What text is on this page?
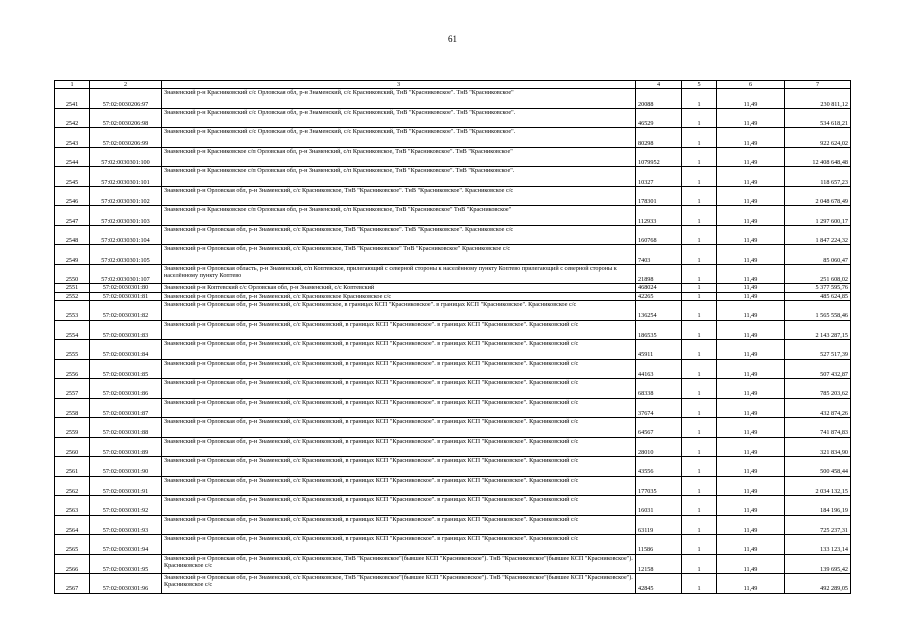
61
1	2	3	4	5	6	7
2541	57:02:0030206:97	Знаменский р-н Красниковский с/с Орловская обл, р-н Знаменский, с/с Красниковский, ТнВ "Красниковское". ТнВ "Красниковское"	20088	1	11,49	230 811,12
2542	57:02:0030206:98	Знаменский р-н Красниковский с/с Орловская обл, р-н Знаменский, с/с Красниковский, ТнВ "Красниковское". ТнВ "Красниковское".	46529	1	11,49	534 618,21
2543	57:02:0030206:99	Знаменский р-н Красниковский с/с Орловская обл, р-н Знаменский, с/с Красниковский, ТнВ "Красниковское". ТнВ "Красниковское".	80298	1	11,49	922 624,02
2544	57:02:0030301:100	Знаменский р-н Красниковское с/п Орловская обл, р-н Знаменский, с/п Красниковское, ТнВ "Красниковское". ТнВ "Красниковское"	1079952	1	11,49	12 408 648,48
2545	57:02:0030301:101	Знаменский р-н Красниковское с/п Орловская обл, р-н Знаменский, с/п Красниковское, ТнВ "Красниковское". ТнВ "Красниковское".	10327	1	11,49	118 657,23
2546	57:02:0030301:102	Знаменский р-н Орловская обл, р-н Знаменский, с/с Красниковское, ТнВ "Красниковское". ТнВ "Красниковское". Красниковское с/с	178301	1	11,49	2 048 678,49
2547	57:02:0030301:103	Знаменский р-н Красниковское с/п Орловская обл, р-н Знаменский, с/п Красниковское, ТнВ "Красниковское" ТнВ "Красниковское"	112933	1	11,49	1 297 600,17
2548	57:02:0030301:104	Знаменский р-н Орловская обл, р-н Знаменский, с/с Красниковское, ТнВ "Красниковское". ТнВ "Красниковское". Красниковское с/с	160768	1	11,49	1 847 224,32
2549	57:02:0030301:105	Знаменский р-н Орловская обл, р-н Знаменский, с/с Красниковское, ТнВ "Красниковское" ТнВ "Красниковское" Красниковское с/с	7403	1	11,49	85 060,47
2550	57:02:0030301:107	Знаменский р-н Орловская область, р-н Знаменский, с/п Коптевское, прилегающий с северной стороны к населённому пункту Коптево прилегающий с северной стороны к населённому пункту Коптево	21898	1	11,49	251 608,02
2551	57:02:0030301:80	Знаменский р-н Коптевский с/с Орловская обл, р-н Знаменский, с/с Коптевский	468024	1	11,49	5 377 595,76
2552	57:02:0030301:81	Знаменский р-н Орловская обл, р-н Знаменский, с/с Красниковское Красниковское с/с	42265	1	11,49	485 624,85
2553	57:02:0030301:82	Знаменский р-н Орловская обл, р-н Знаменский, с/с Красниковское, в границах КСП "Красниковское". в границах КСП "Красниковское". Красниковское с/с	136254	1	11,49	1 565 558,46
2554	57:02:0030301:83	Знаменский р-н Орловская обл, р-н Знаменский, с/с Красниковский, в границах КСП "Красниковское". в границах КСП "Красниковское". Красниковский с/с	186535	1	11,49	2 143 287,15
2555	57:02:0030301:84	Знаменский р-н Орловская обл, р-н Знаменский, с/с Красниковский, в границах КСП "Красниковское". в границах КСП "Красниковское". Красниковский с/с	45911	1	11,49	527 517,39
2556	57:02:0030301:85	Знаменский р-н Орловская обл, р-н Знаменский, с/с Красниковский, в границах КСП "Красниковское". в границах КСП "Красниковское". Красниковский с/с	44163	1	11,49	507 432,87
2557	57:02:0030301:86	Знаменский р-н Орловская обл, р-н Знаменский, с/с Красниковский, в границах КСП "Красниковское". в границах КСП "Красниковское". Красниковский с/с	68338	1	11,49	785 203,62
2558	57:02:0030301:87	Знаменский р-н Орловская обл, р-н Знаменский, с/с Красниковский, в границах КСП "Красниковское". в границах КСП "Красниковское". Красниковский с/с	37674	1	11,49	432 874,26
2559	57:02:0030301:88	Знаменский р-н Орловская обл, р-н Знаменский, с/с Красниковский, в границах КСП "Красниковское". в границах КСП "Красниковское". Красниковский с/с	64567	1	11,49	741 874,83
2560	57:02:0030301:89	Знаменский р-н Орловская обл, р-н Знаменский, с/с Красниковский, в границах КСП "Красниковское". в границах КСП "Красниковское". Красниковский с/с	28010	1	11,49	321 834,90
2561	57:02:0030301:90	Знаменский р-н Орловская обл, р-н Знаменский, с/с Красниковский, в границах КСП "Красниковское". в границах КСП "Красниковское". Красниковский с/с	43556	1	11,49	500 458,44
2562	57:02:0030301:91	Знаменский р-н Орловская обл, р-н Знаменский, с/с Красниковский, в границах КСП "Красниковское". в границах КСП "Красниковское". Красниковский с/с	177035	1	11,49	2 034 132,15
2563	57:02:0030301:92	Знаменский р-н Орловская обл, р-н Знаменский, с/с Красниковский, в границах КСП "Красниковское". в границах КСП "Красниковское". Красниковский с/с	16031	1	11,49	184 196,19
2564	57:02:0030301:93	Знаменский р-н Орловская обл, р-н Знаменский, с/с Красниковский, в границах КСП "Красниковское". в границах КСП "Красниковское". Красниковский с/с	63119	1	11,49	725 237,31
2565	57:02:0030301:94	Знаменский р-н Орловская обл, р-н Знаменский, с/с Красниковский, в границах КСП "Красниковское". в границах КСП "Красниковское". Красниковский с/с	11586	1	11,49	133 123,14
2566	57:02:0030301:95	Знаменский р-н Орловская обл, р-н Знаменский, с/с Красниковское, ТнВ "Красниковское"(бывшее КСП "Красниковское"). ТнВ "Красниковское"(бывшее КСП "Красниковское"). Красниковское с/с	12158	1	11,49	139 695,42
2567	57:02:0030301:96	Знаменский р-н Орловская обл, р-н Знаменский, с/с Красниковское, ТнВ "Красниковское"(бывшее КСП "Красниковское"). ТнВ "Красниковское"(бывшее КСП "Красниковское"). Красниковское с/с	42845	1	11,49	492 289,05
